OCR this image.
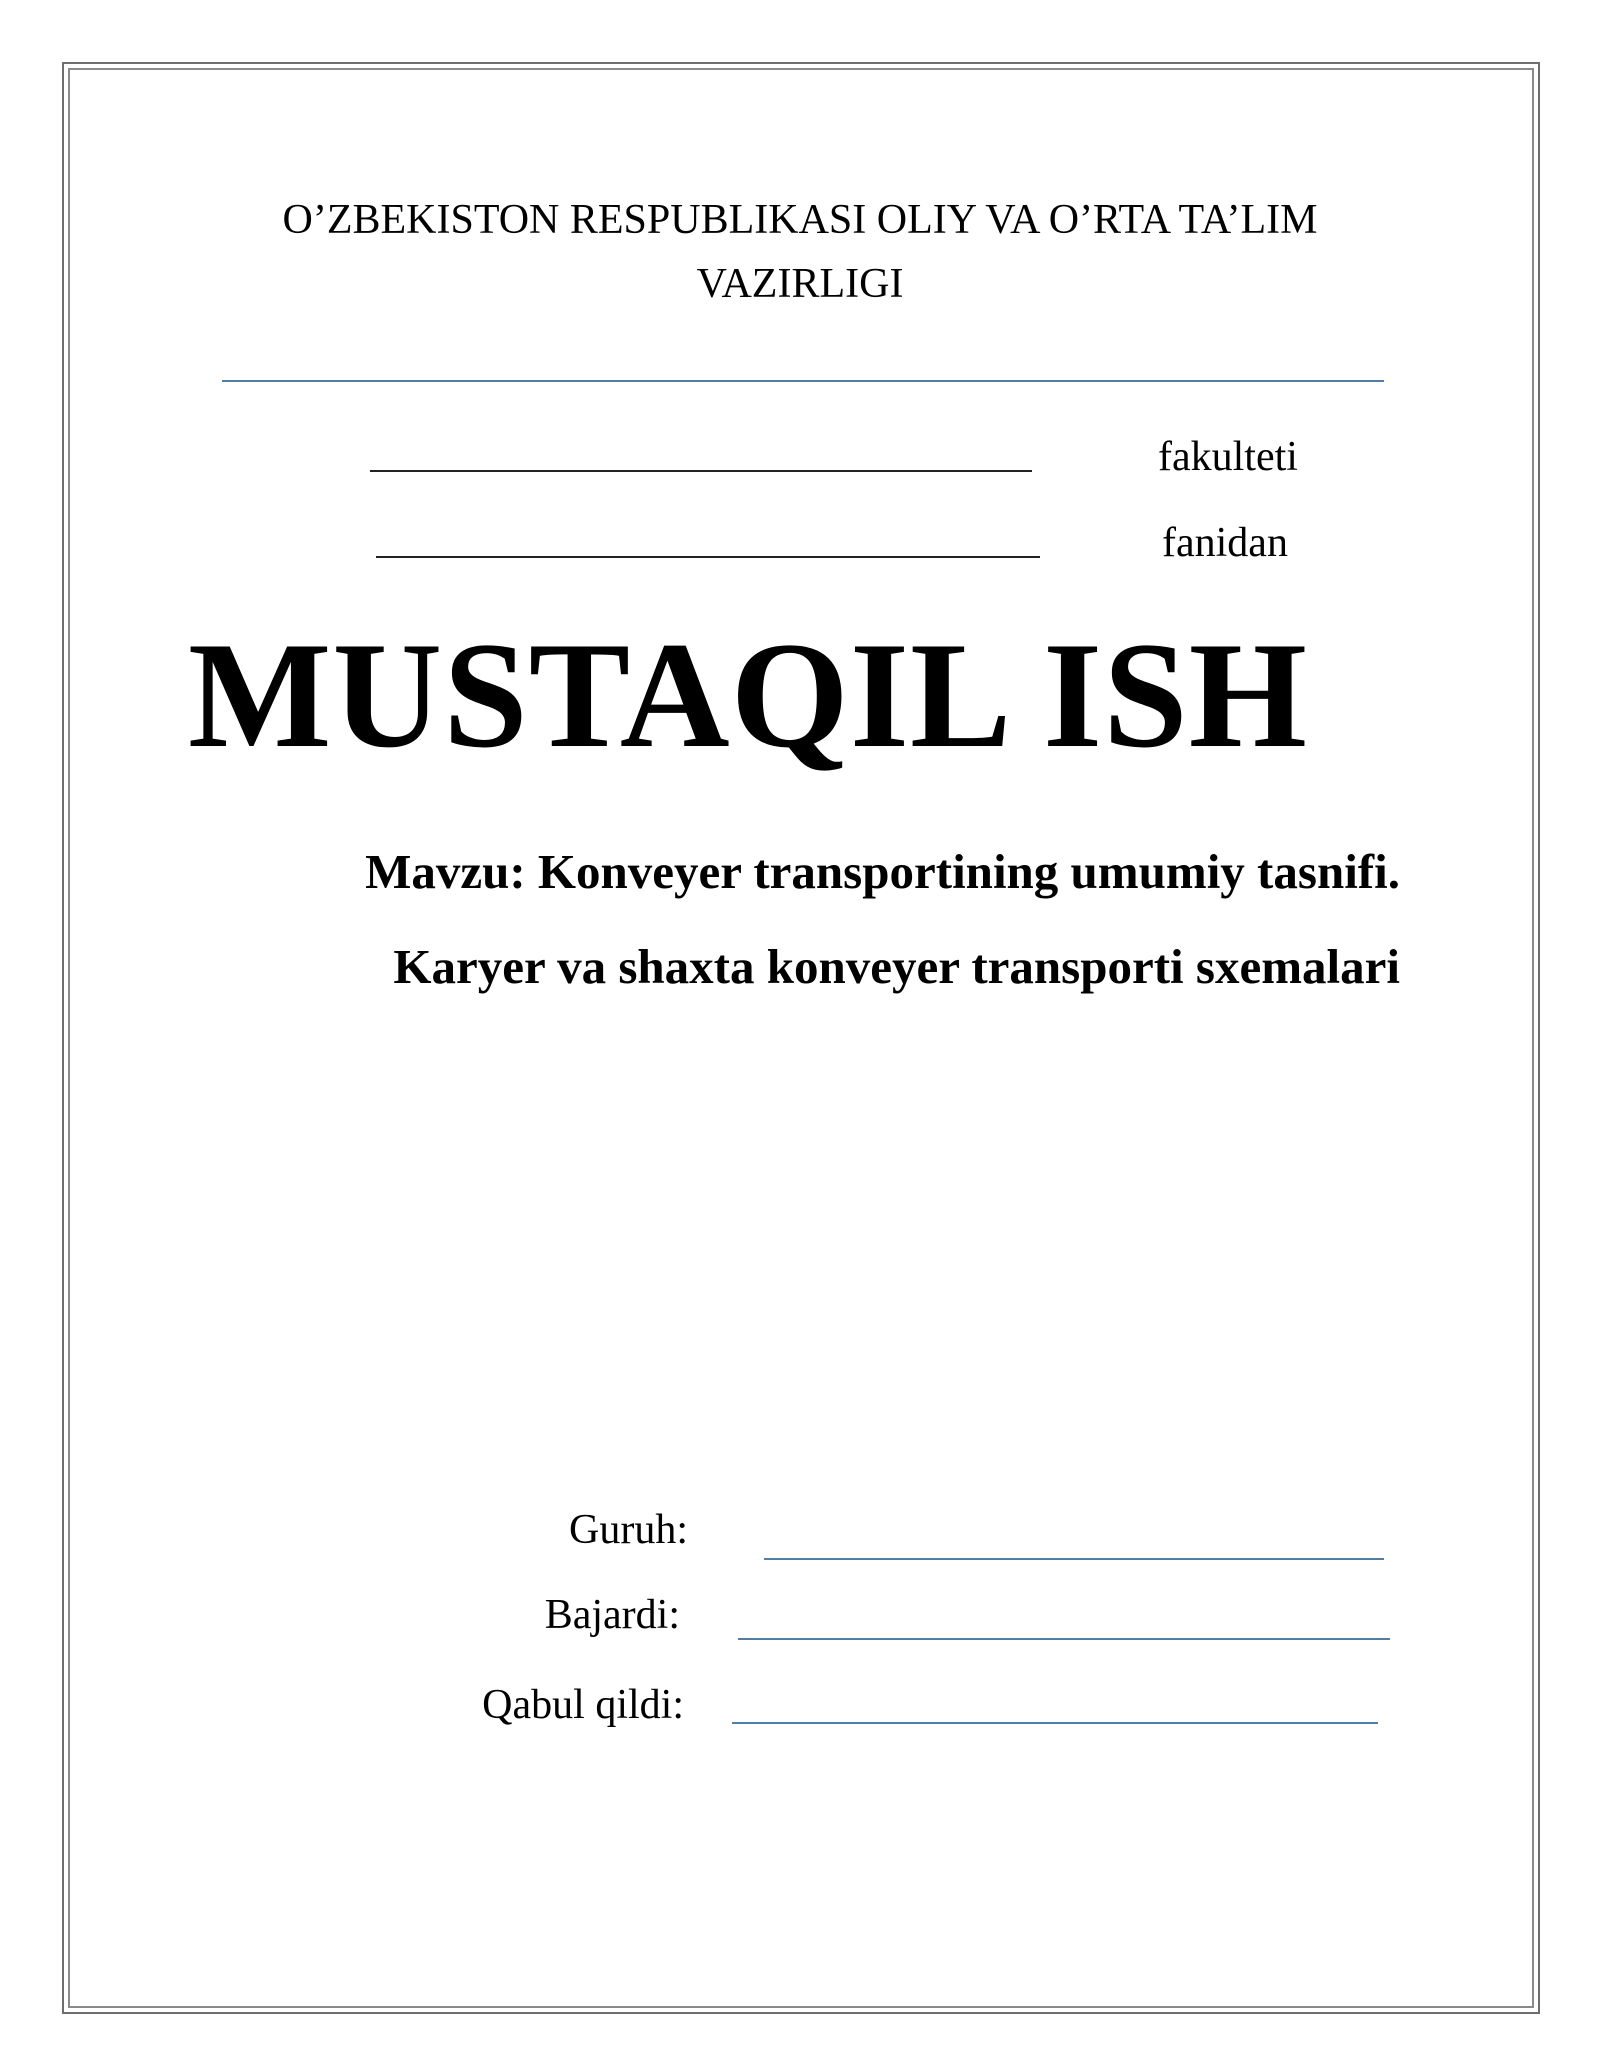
O’ZBEKISTON RESPUBLIKASI OLIY VA O’RTA TA’LIM
VAZIRLIGI
fakulteti
fanidan
MUSTAQIL ISH
Mavzu: Konveyer transportining umumiy tasnifi.
Karyer va shaxta konveyer transporti sxemalari
Guruh:
Bajardi:
Qabul qildi:
